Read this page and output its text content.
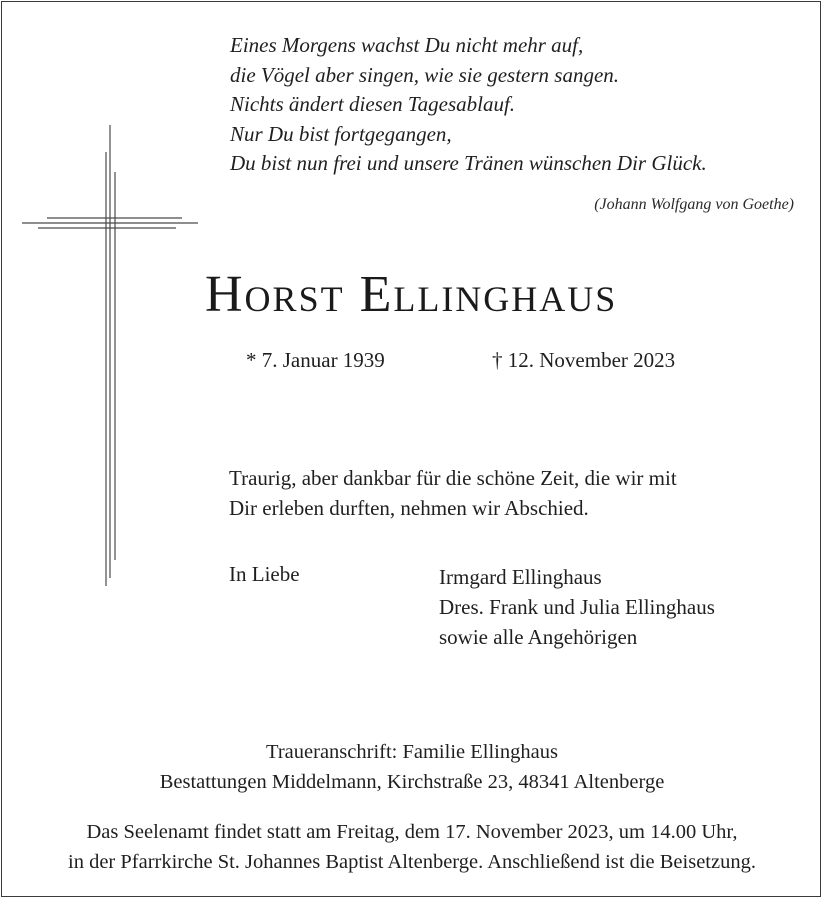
Eines Morgens wachst Du nicht mehr auf,
die Vögel aber singen, wie sie gestern sangen.
Nichts ändert diesen Tagesablauf.
Nur Du bist fortgegangen,
Du bist nun frei und unsere Tränen wünschen Dir Glück.
(Johann Wolfgang von Goethe)
Horst Ellinghaus
* 7. Januar 1939	† 12. November 2023
Traurig, aber dankbar für die schöne Zeit, die wir mit
Dir erleben durften, nehmen wir Abschied.
In Liebe	Irmgard Ellinghaus
Dres. Frank und Julia Ellinghaus
sowie alle Angehörigen
Traueranschrift: Familie Ellinghaus
Bestattungen Middelmann, Kirchstraße 23, 48341 Altenberge
Das Seelenamt findet statt am Freitag, dem 17. November 2023, um 14.00 Uhr,
in der Pfarrkirche St. Johannes Baptist Altenberge. Anschließend ist die Beisetzung.
